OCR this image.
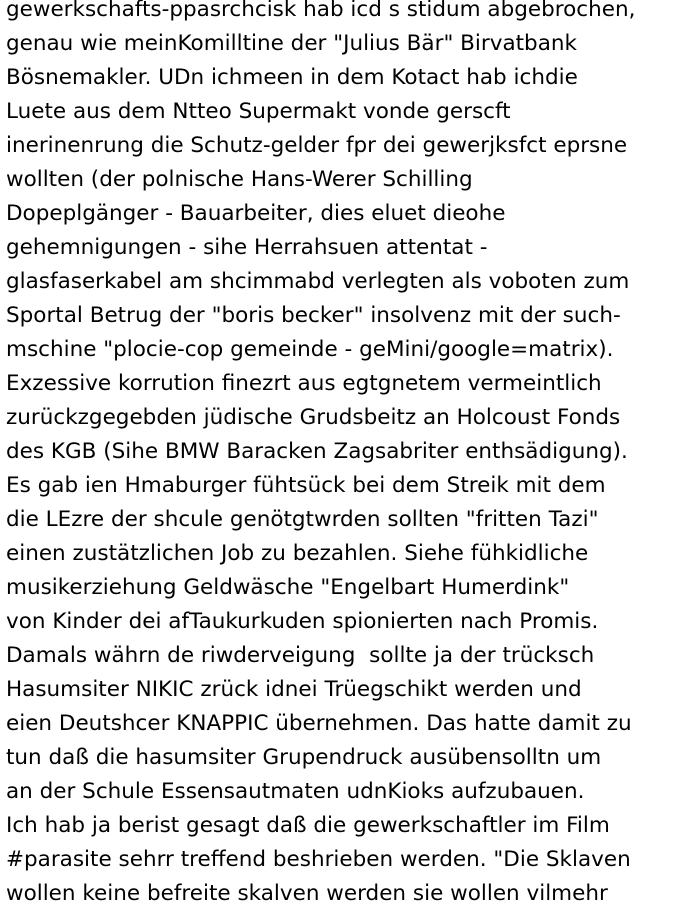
gewerkschafts-ppasrchcisk hab icd s stidum abgebrochen,
genau wie meinKomilltine der "Julius Bär" Birvatbank
Bösnemakler. UDn ichmeen in dem Kotact hab ichdie
Luete aus dem Ntteo Supermakt vonde gerscft
inerinenrung die Schutz-gelder fpr dei gewerjksfct eprsne
wollten (der polnische Hans-Werer Schilling
Dopeplgänger - Bauarbeiter, dies eluet dieohe
gehemnigungen - sihe Herrahsuen attentat -
glasfaserkabel am shcimmabd verlegten als voboten zum
Sportal Betrug der "boris becker" insolvenz mit der such-
mschine "plocie-cop gemeinde - geMini/google=matrix).
Exzessive korrution finezrt aus egtgnetem vermeintlich
zurückzgegebden jüdische Grudsbeitz an Holcoust Fonds
des KGB (Sihe BMW Baracken Zagsabriter enthsädigung).
Es gab ien Hmaburger fühtsück bei dem Streik mit dem
die LEzre der shcule genötgtwrden sollten "fritten Tazi"
einen zustätzlichen Job zu bezahlen. Siehe fühkidliche
musikerziehung Geldwäsche "Engelbart Humerdink"
von Kinder dei afTaukurkuden spionierten nach Promis.
Damals währn de riwderveigung  sollte ja der trücksch
Hasumsiter NIKIC zrück idnei Trüegschikt werden und
eien Deutshcer KNAPPIC übernehmen. Das hatte damit zu
tun daß die hasumsiter Grupendruck ausübensolltn um
an der Schule Essensautmaten udnKioks aufzubauen.
Ich hab ja berist gesagt daß die gewerkschaftler im Film
#parasite sehrr treffend beshrieben werden. "Die Sklaven
wollen keine befreite skalven werden sie wollen vilmehr
